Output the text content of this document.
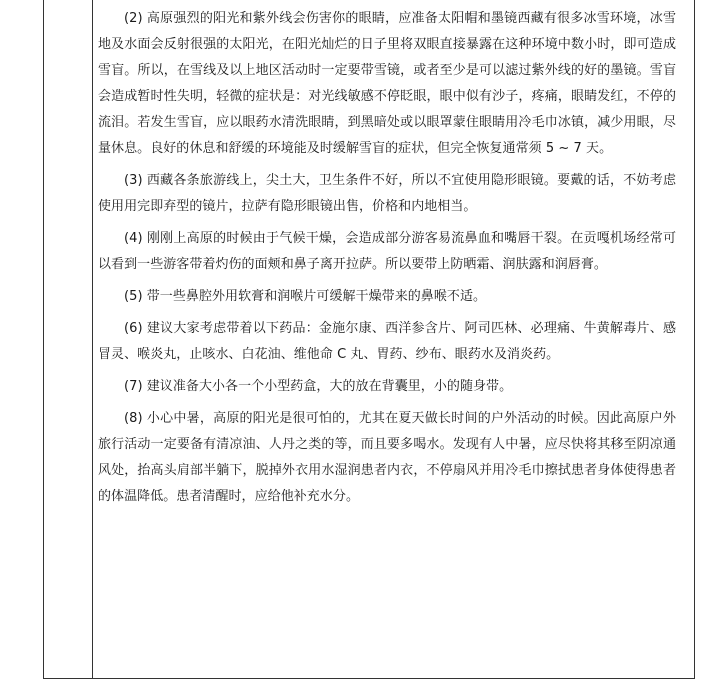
(2) 高原强烈的阳光和紫外线会伤害你的眼睛，应准备太阳帽和墨镜西藏有很多冰雪环境，冰雪地及水面会反射很强的太阳光，在阳光灿烂的日子里将双眼直接暴露在这种环境中数小时，即可造成雪盲。所以，在雪线及以上地区活动时一定要带雪镜，或者至少是可以滤过紫外线的好的墨镜。雪盲会造成暂时性失明，轻微的症状是：对光线敏感不停眨眼，眼中似有沙子，疼痛，眼睛发红，不停的流泪。若发生雪盲，应以眼药水清洗眼睛，到黑暗处或以眼罩蒙住眼睛用冷毛巾冰镇，减少用眼，尽量休息。良好的休息和舒缓的环境能及时缓解雪盲的症状，但完全恢复通常须 5 ~ 7 天。

(3) 西藏各条旅游线上，尖土大，卫生条件不好，所以不宜使用隐形眼镜。要戴的话，不妨考虑使用用完即弃型的镜片，拉萨有隐形眼镜出售，价格和内地相当。

(4) 刚刚上高原的时候由于气候干燥，会造成部分游客易流鼻血和嘴唇干裂。在贡嘎机场经常可以看到一些游客带着灼伤的面颊和鼻子离开拉萨。所以要带上防晒霜、润肤露和润唇膏。

(5) 带一些鼻腔外用软膏和润喉片可缓解干燥带来的鼻喉不适。

(6) 建议大家考虑带着以下药品：金施尔康、西洋参含片、阿司匹林、必理痛、牛黄解毒片、感冒灵、喉炎丸，止咳水、白花油、维他命 C 丸、胃药、纱布、眼药水及消炎药。

(7) 建议准备大小各一个小型药盒，大的放在背囊里，小的随身带。

(8) 小心中暑，高原的阳光是很可怕的，尤其在夏天做长时间的户外活动的时候。因此高原户外旅行活动一定要备有清凉油、人丹之类的等，而且要多喝水。发现有人中暑，应尽快将其移至阴凉通风处，抬高头肩部半躺下，脱掉外衣用水湿润患者内衣，不停扇风并用冷毛巾擦拭患者身体使得患者的体温降低。患者清醒时，应给他补充水分。
